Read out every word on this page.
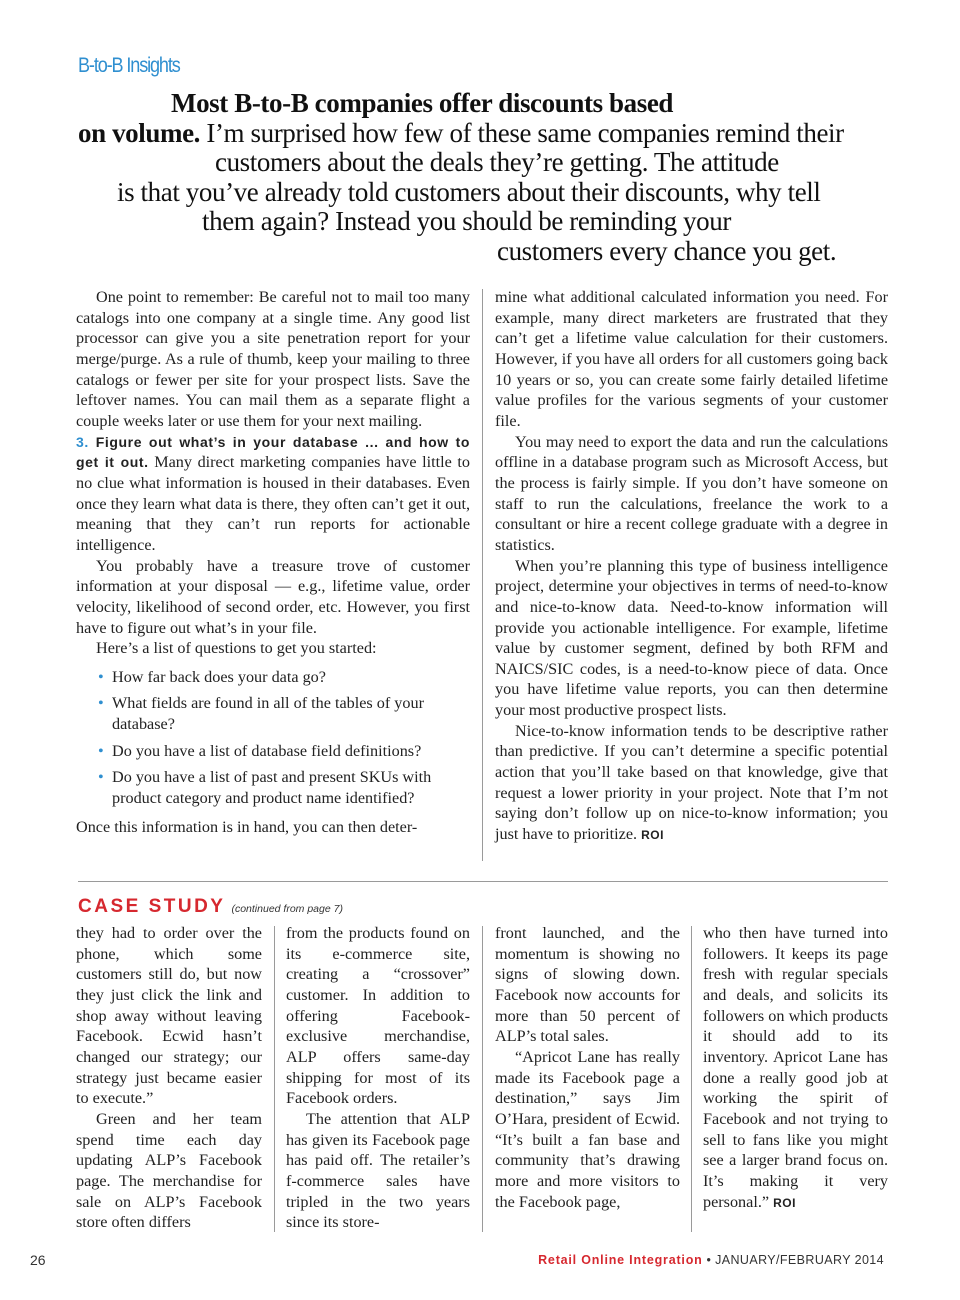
B-to-B Insights
Most B-to-B companies offer discounts based
on volume. I’m surprised how few of these same companies remind their
customers about the deals they’re getting. The attitude
is that you’ve already told customers about their discounts, why tell
them again? Instead you should be reminding your
customers every chance you get.

One point to remember: Be careful not to mail too many catalogs into one company at a single time. Any good list processor can give you a site penetration report for your merge/purge. As a rule of thumb, keep your mailing to three catalogs or fewer per site for your prospect lists. Save the leftover names. You can mail them as a separate flight a couple weeks later or use them for your next mailing.

3. Figure out what’s in your database ... and how to get it out. Many direct marketing companies have little to no clue what information is housed in their databases. Even once they learn what data is there, they often can’t get it out, meaning that they can’t run reports for actionable intelligence.

You probably have a treasure trove of customer information at your disposal — e.g., lifetime value, order velocity, likelihood of second order, etc. However, you first have to figure out what’s in your file.

Here’s a list of questions to get you started:

• How far back does your data go?
• What fields are found in all of the tables of your database?
• Do you have a list of database field definitions?
• Do you have a list of past and present SKUs with product category and product name identified?

Once this information is in hand, you can then deter-

mine what additional calculated information you need. For example, many direct marketers are frustrated that they can’t get a lifetime value calculation for their customers. However, if you have all orders for all customers going back 10 years or so, you can create some fairly detailed lifetime value profiles for the various segments of your customer file.

You may need to export the data and run the calculations offline in a database program such as Microsoft Access, but the process is fairly simple. If you don’t have someone on staff to run the calculations, freelance the work to a consultant or hire a recent college graduate with a degree in statistics.

When you’re planning this type of business intelligence project, determine your objectives in terms of need-to-know and nice-to-know data. Need-to-know information will provide you actionable intelligence. For example, lifetime value by customer segment, defined by both RFM and NAICS/SIC codes, is a need-to-know piece of data. Once you have lifetime value reports, you can then determine your most productive prospect lists.

Nice-to-know information tends to be descriptive rather than predictive. If you can’t determine a specific potential action that you’ll take based on that knowledge, give that request a lower priority in your project. Note that I’m not saying don’t follow up on nice-to-know information; you just have to prioritize. ROI

CASE STUDY (continued from page 7)

they had to order over the phone, which some customers still do, but now they just click the link and shop away without leaving Facebook. Ecwid hasn’t changed our strategy; our strategy just became easier to execute.”

Green and her team spend time each day updating ALP’s Facebook page. The merchandise for sale on ALP’s Facebook store often differs

from the products found on its e-commerce site, creating a “crossover” customer. In addition to offering Facebook-exclusive merchandise, ALP offers same-day shipping for most of its Facebook orders.

The attention that ALP has given its Facebook page has paid off. The retailer’s f-commerce sales have tripled in the two years since its store-

front launched, and the momentum is showing no signs of slowing down. Facebook now accounts for more than 50 percent of ALP’s total sales.

“Apricot Lane has really made its Facebook page a destination,” says Jim O’Hara, president of Ecwid. “It’s built a fan base and community that’s drawing more and more visitors to the Facebook page,

who then have turned into followers. It keeps its page fresh with regular specials and deals, and solicits its followers on which products it should add to its inventory. Apricot Lane has done a really good job at working the spirit of Facebook and not trying to sell to fans like you might see a larger brand focus on. It’s making it very personal.” ROI

26	Retail Online Integration • JANUARY/FEBRUARY 2014
